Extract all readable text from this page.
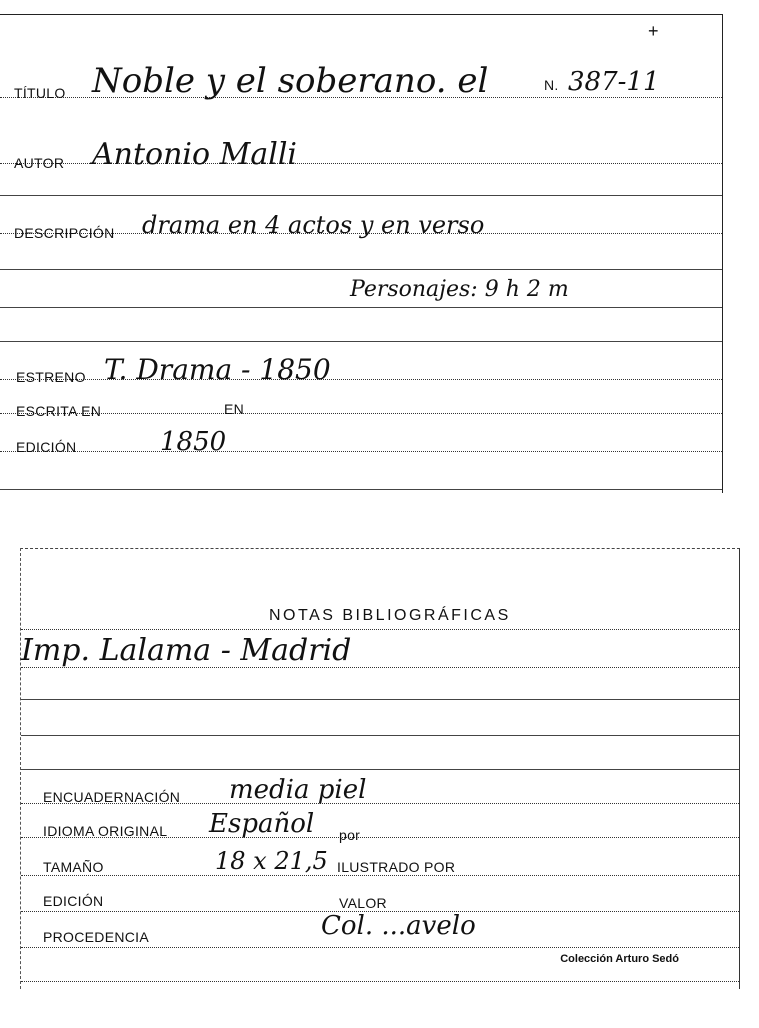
+
TÍTULO Noble y el soberano. el	N. 387-11
AUTOR Antonio Malli
DESCRIPCIÓN drama en 4 actos y en verso
Personajes: 9 h 2 m
ESTRENO T. Drama - 1850
ESCRITA EN	EN
EDICIÓN	1850
NOTAS BIBLIOGRÁFICAS
Imp. Lalama - Madrid
ENCUADERNACIÓN media piel
IDIOMA ORIGINAL Español por
TAMAÑO	18 x 21,5 ILUSTRADO POR
EDICIÓN	VALOR
PROCEDENCIA	Col. ...avelo
Colección Arturo Sedó
